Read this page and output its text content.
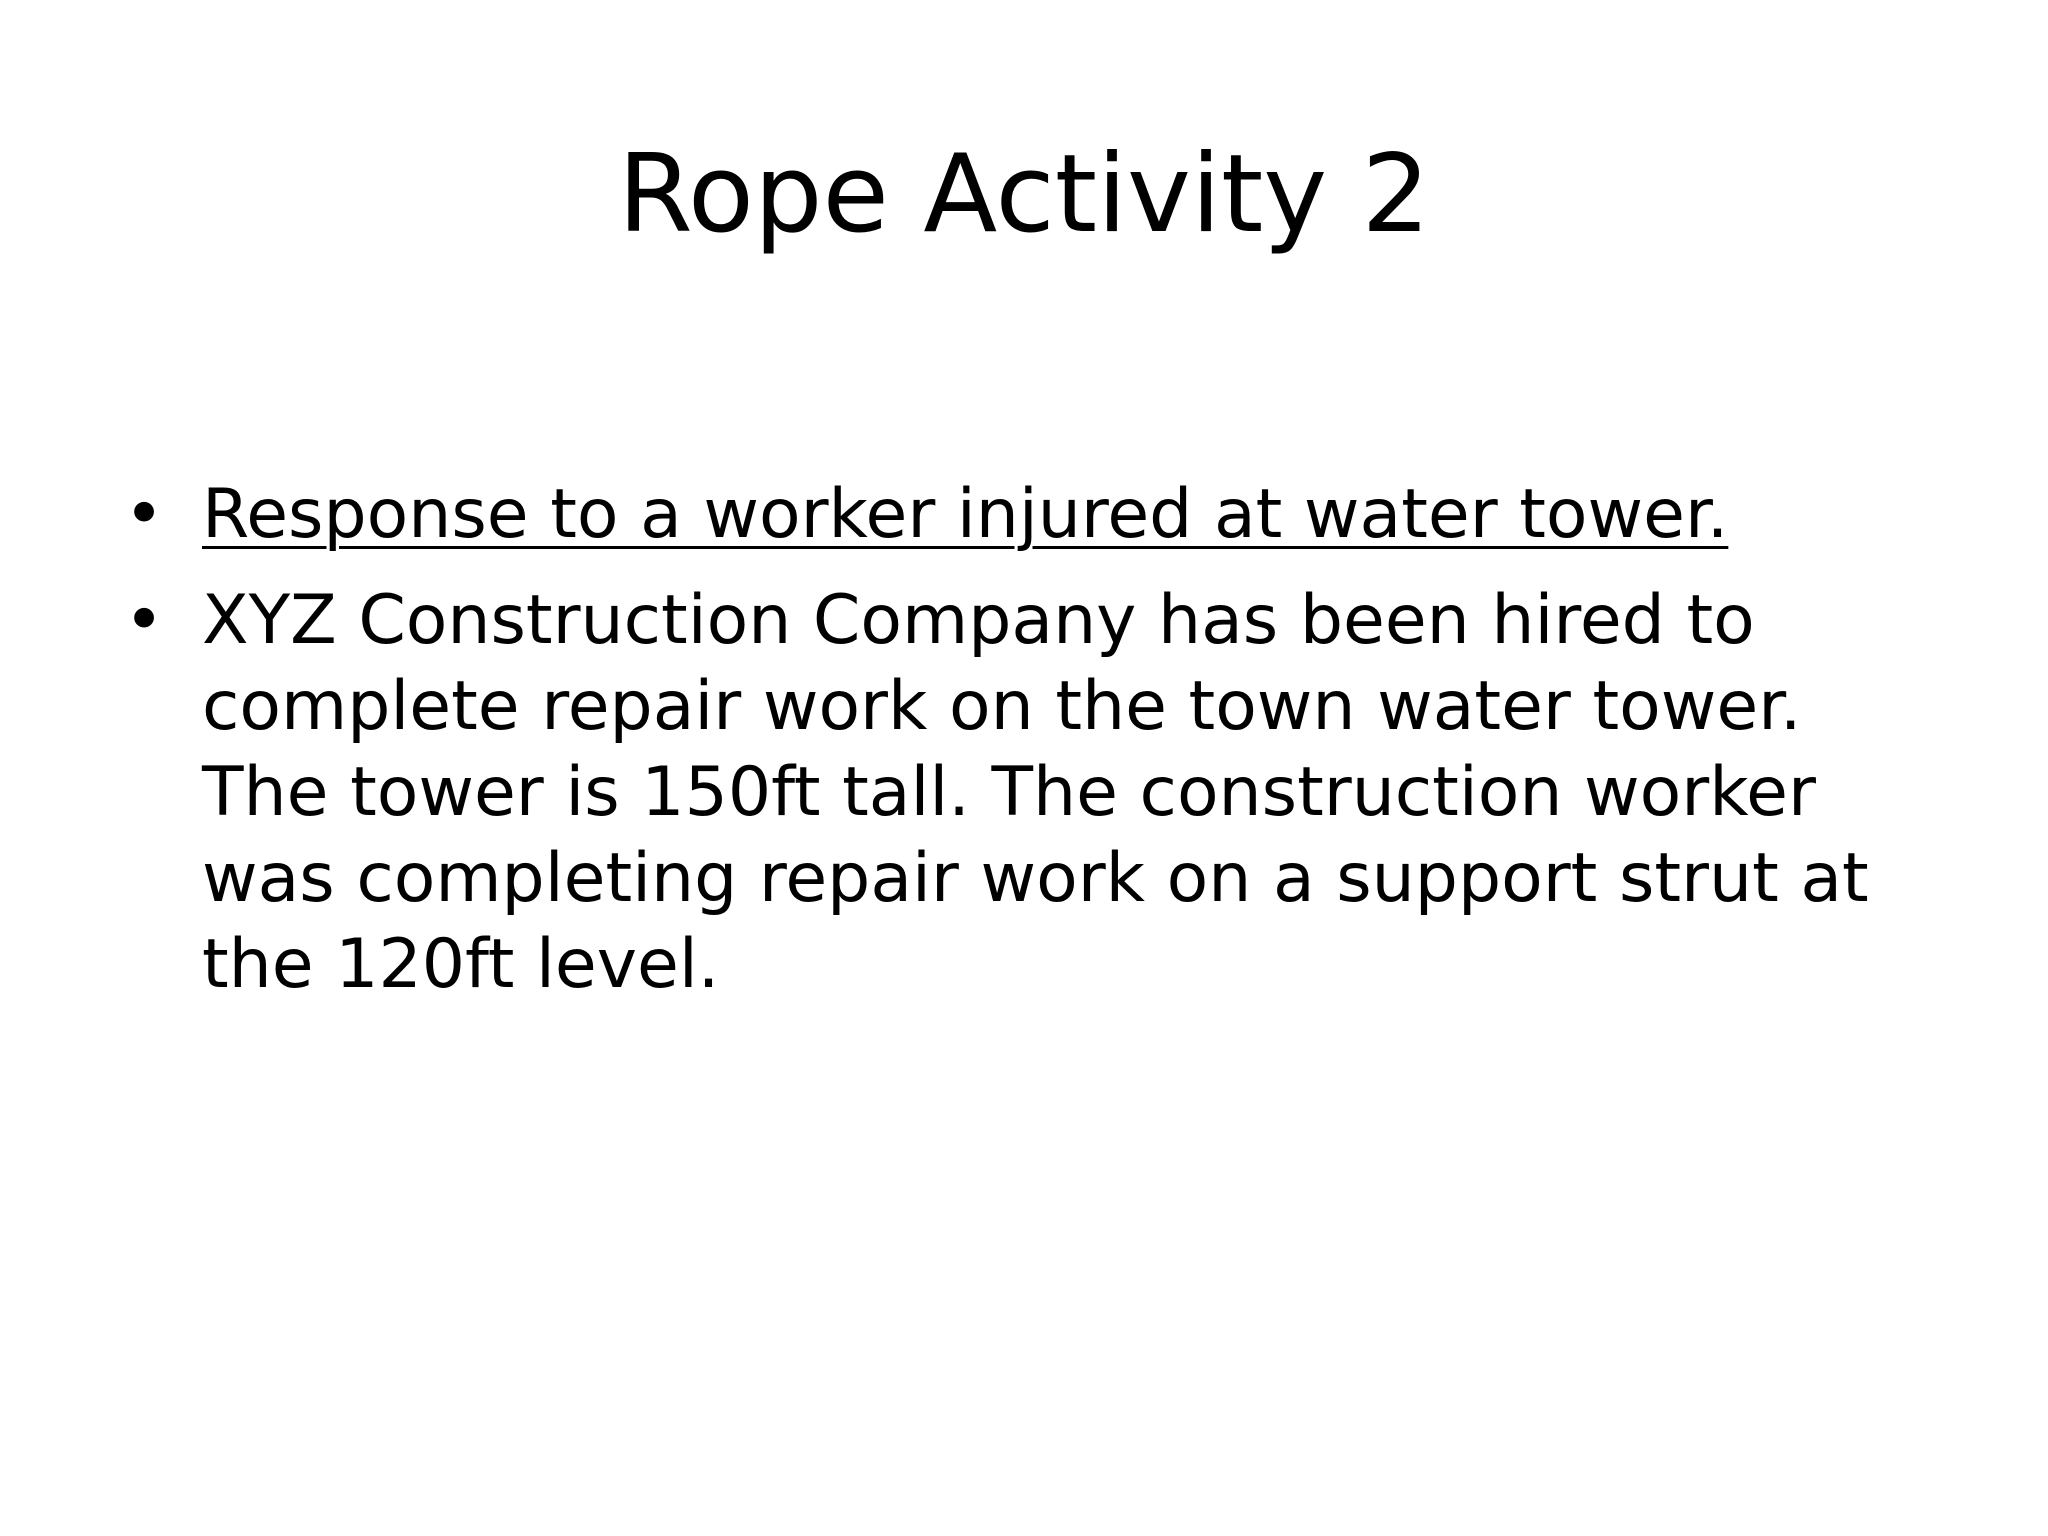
Rope Activity 2
• Response to a worker injured at water tower.
• XYZ Construction Company has been hired to complete repair work on the town water tower. The tower is 150ft tall. The construction worker was completing repair work on a support strut at the 120ft level.
